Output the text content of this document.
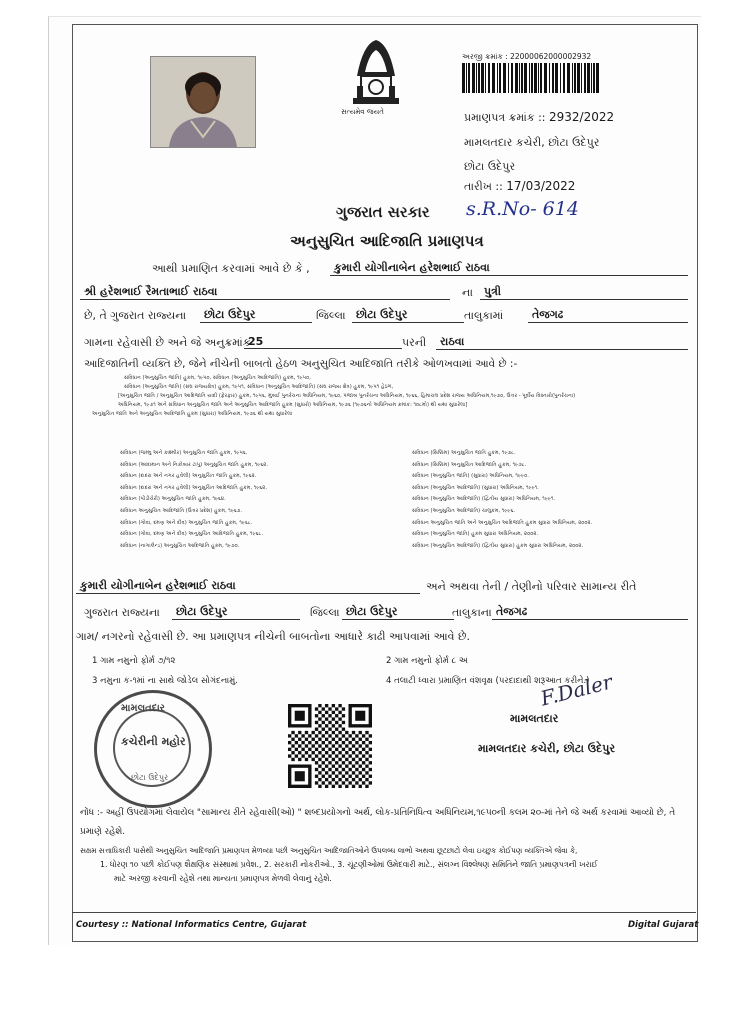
સત્યમેવ જયતે
અરજી ક્રમાંક : 22000062000002932
પ્રમાણપત્ર ક્રમાંક :: 2932/2022
મામલતદાર કચેરી, છોટા ઉદેપુર
છોટા ઉદેપુર
તારીખ :: 17/03/2022
s.R.No- 614
ગુજરાત સરકાર
અનુસુચિત આદિજાતિ પ્રમાણપત્ર
આથી પ્રમાણિત કરવામાં આવે છે કે ,	કુમારી યોગીનાબેન હરેશભાઈ રાઠવા
શ્રી હરેશભાઈ રૈમતાભાઈ રાઠવા	ના	પુત્રી
છે, તે ગુજરાત રાજ્યના	છોટા ઉદેપુર	જિલ્લા છોટા ઉદેપુર	તાલુકામાં	તેજગઢ
ગામના રહેવાસી છે અને જે અનુક્રમાંક
25	પરની	રાઠવા
આદિજાતિની વ્યક્તિ છે, જેને નીચેની બાબતો હેઠળ અનુસુચિત આદિજાતિ તરીકે ઓળખવામાં આવે છે :-
સંવિધાન (અનુસુચિત જાતિ) હુકમ, ૧૯૫૦, સંવિધાન (અનુસુચિત આદિજાતિ) હુકમ, ૧૯૫૦,
સંવિધાન (અનુસુચિત જાતિ) (સંઘ રાજ્યક્ષેત્ર) હુકમ, ૧૯૫૧, સંવિધાન (અનુસુચિત આદિજાતિ) (સંઘ રાજ્ય ક્ષેત્ર) હુકમ, ૧૯૫૧ હેઠળ,
[અનુસુચિત જાતિ / અનુસુચિત આદિજાતિ યાદી (ફેરફાર) હુકમ, ૧૯૫૬, મુંબઈ પુનર્રચના અધિનિયમ, ૧૯૬૦, પંજાબ પુનર્રચના અધિનિયમ, ૧૯૬૬, હિમાચલ પ્રદેશ રાજ્ય અધિનિયમ,૧૯૭૦, ઉત્તર - પૂર્વીય વિસ્તારો(પુનર્રચના)
અધિનિયમ, ૧૯૭૧ અને સંવિધાન અનુસુચિત જાતિ અને અનુસુચિત આદિજાતિ હુકમ (સુધારો) અધિનિયમ, ૧૯૭૬ (૧૯૭૬નો અધિનિયમ ક્રમાંક: ૧૦૮મો) થી યથા સુધારેલા]
અનુસુચિત જાતિ અને અનુસુચિત આદિજાતિ હુકમ (સુધારા) અધિનિયમ, ૧૯૭૬ થી યથા સુધારેલા
સંવિધાન (જમ્મુ અને કાશ્મીર) અનુસુચિત જાતિ હુકમ, ૧૯૫૬.
સંવિધાન (આંદામાન અને નિકોબાર ટાપુ) અનુસુચિત જાતિ હુકમ, ૧૯૬૨.
સંવિધાન (દાદરા અને નગર હવેલી) અનુસુચિત જાતિ હુકમ, ૧૯૬૨.
સંવિધાન (દાદરા અને નગર હવેલી) અનુસુચિત આદિજાતિ હુકમ, ૧૯૬૨.
સંવિધાન (પોંડીચેરી) અનુસુચિત જાતિ હુકમ, ૧૯૬૪.
સંવિધાન અનુસુચિત આદિજાતિ (ઉત્તર પ્રદેશ) હુકમ, ૧૯૬૭.
સંવિધાન (ગોવા, દમણ અને દીવ) અનુસુચિત જાતિ હુકમ, ૧૯૬૮.
સંવિધાન (ગોવા, દમણ અને દીવ) અનુસુચિત આદિજાતિ હુકમ, ૧૯૬૮.
સંવિધાન (નાગાલેન્ડ) અનુસુચિત આદિજાતિ હુકમ, ૧૯૭૦.
સંવિધાન (સિક્કિમ) અનુસુચિત જાતિ હુકમ, ૧૯૭૮.
સંવિધાન (સિક્કિમ) અનુસુચિત આદિજાતિ હુકમ, ૧૯૭૮.
સંવિધાન (અનુસુચિત જાતિ) (સુધારા) અધિનિયમ, ૧૯૯૦.
સંવિધાન (અનુસુચિત આદિજાતિ) (સુધારા) અધિનિયમ, ૧૯૯૧.
સંવિધાન (અનુસુચિત આદિજાતિ) (દ્વિતીય સુધારા) અધિનિયમ, ૧૯૯૧.
સંવિધાન (અનુસુચિત આદિજાતિ) ચાલુકમ, ૧૯૯૬.
સંવિધાન અનુસુચિત જાતિ અને અનુસુચિત આદિજાતિ હુકમ સુધારા અધિનિયમ, ૨૦૦૨.
સંવિધાન (અનુસુચિત જાતિ) હુકમ સુધારા અધિનિયમ, ૨૦૦૨.
સંવિધાન (અનુસુચિત આદિજાતિ) (દ્વિતીય સુધારા) હુકમ સુધારા અધિનિયમ, ૨૦૦૨.
કુમારી યોગીનાબેન હરેશભાઈ રાઠવા	અને અથવા તેની / તેણીનો પરિવાર સામાન્ય રીતે
ગુજરાત રાજ્યના	છોટા ઉદેપુર	જિલ્લા છોટા ઉદેપુર	તાલુકાના તેજગઢ
ગામ/ નગરનો રહેવાસી છે. આ પ્રમાણપત્ર નીચેની બાબતોના આધારે કાઢી આપવામાં આવે છે.
1 ગામ નમુનો ફોર્મ ૭/૧૨	2 ગામ નમુનો ફોર્મ ૮ અ
3 નમુના ક-૧માં ના સાથે જોડેલ સોગંદનામું.	4 તલાટી ધ્વારા પ્રમાણિત વંશવૃક્ષ (પરદાદાથી શરૂઆત કરીને.)
મામલતદાર
કચેરીની મહોર
છોટા ઉદેપુર
F.Daler
મામલતદાર
મામલતદાર કચેરી, છોટા ઉદેપુર
નોંધ :- અહીં ઉપયોગમાં લેવાયેલ "સામાન્ય રીતે રહેવાસી(ઓ) " શબ્દપ્રયોગનો અર્થ, લોક-પ્રતિનિધિત્વ અધિનિયમ,૧૯૫૦ની કલમ ૨૦-માં તેને જે અર્થ કરવામાં આવ્યો છે, તે પ્રમાણે રહેશે.
સક્ષમ સત્તાધિકારી પાસેથી અનુસુચિત આદિજાતિ પ્રમાણપત્ર મેળવ્યા પછી અનુસુચિત આદિજાતિઓને ઉપલબ્ધ લાભો અથવા છૂટછાટો લેવા ઇચ્છુક કોઈપણ વ્યક્તિએ જેવા કે,
1. ધોરણ ૧૦ પછી કોઈપણ શૈક્ષણિક સંસ્થામાં પ્રવેશ., 2. સરકારી નોકરીઓ., 3. ચૂંટણીઓમાં ઉમેદવારી માટે., સંલગ્ન વિશ્લેષણ સમિતિને જાતિ પ્રમાણપત્રની ખરાઈ
માટે અરજી કરવાની રહેશે તથા માન્યતા પ્રમાણપત્ર મેળવી લેવાનું રહેશે.
Courtesy :: National Informatics Centre, Gujarat	Digital Gujarat
